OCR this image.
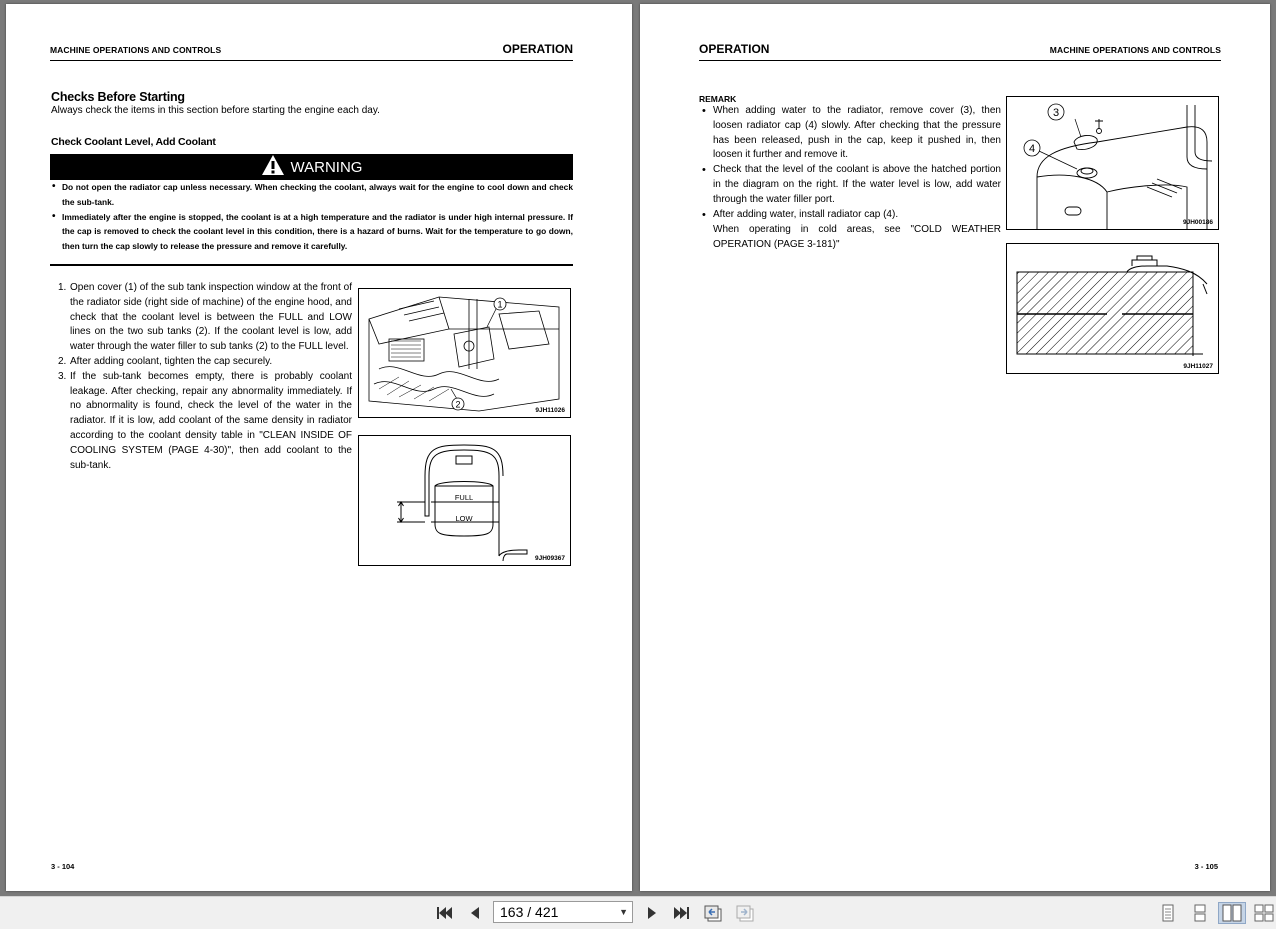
MACHINE OPERATIONS AND CONTROLS	OPERATION
Checks Before Starting
Always check the items in this section before starting the engine each day.
Check Coolant Level, Add Coolant
WARNING
• Do not open the radiator cap unless necessary. When checking the coolant, always wait for the engine to cool down and check the sub-tank.
• Immediately after the engine is stopped, the coolant is at a high temperature and the radiator is under high internal pressure. If the cap is removed to check the coolant level in this condition, there is a hazard of burns. Wait for the temperature to go down, then turn the cap slowly to release the pressure and remove it carefully.
1. Open cover (1) of the sub tank inspection window at the front of the radiator side (right side of machine) of the engine hood, and check that the coolant level is between the FULL and LOW lines on the two sub tanks (2). If the coolant level is low, add water through the water filler to sub tanks (2) to the FULL level.
2. After adding coolant, tighten the cap securely.
3. If the sub-tank becomes empty, there is probably coolant leakage. After checking, repair any abnormality immediately. If no abnormality is found, check the level of the water in the radiator. If it is low, add coolant of the same density in radiator according to the coolant density table in "CLEAN INSIDE OF COOLING SYSTEM (PAGE 4-30)", then add coolant to the sub-tank.
1
2
9JH11026
FULL
LOW
9JH09367
3 - 104
OPERATION	MACHINE OPERATIONS AND CONTROLS
REMARK
• When adding water to the radiator, remove cover (3), then loosen radiator cap (4) slowly. After checking that the pressure has been released, push in the cap, keep it pushed in, then loosen it further and remove it.
• Check that the level of the coolant is above the hatched portion in the diagram on the right. If the water level is low, add water through the water filler port.
• After adding water, install radiator cap (4).
When operating in cold areas, see "COLD WEATHER OPERATION (PAGE 3-181)"
3
4
9JH00186
9JH11027
3 - 105
163 / 421	▼
